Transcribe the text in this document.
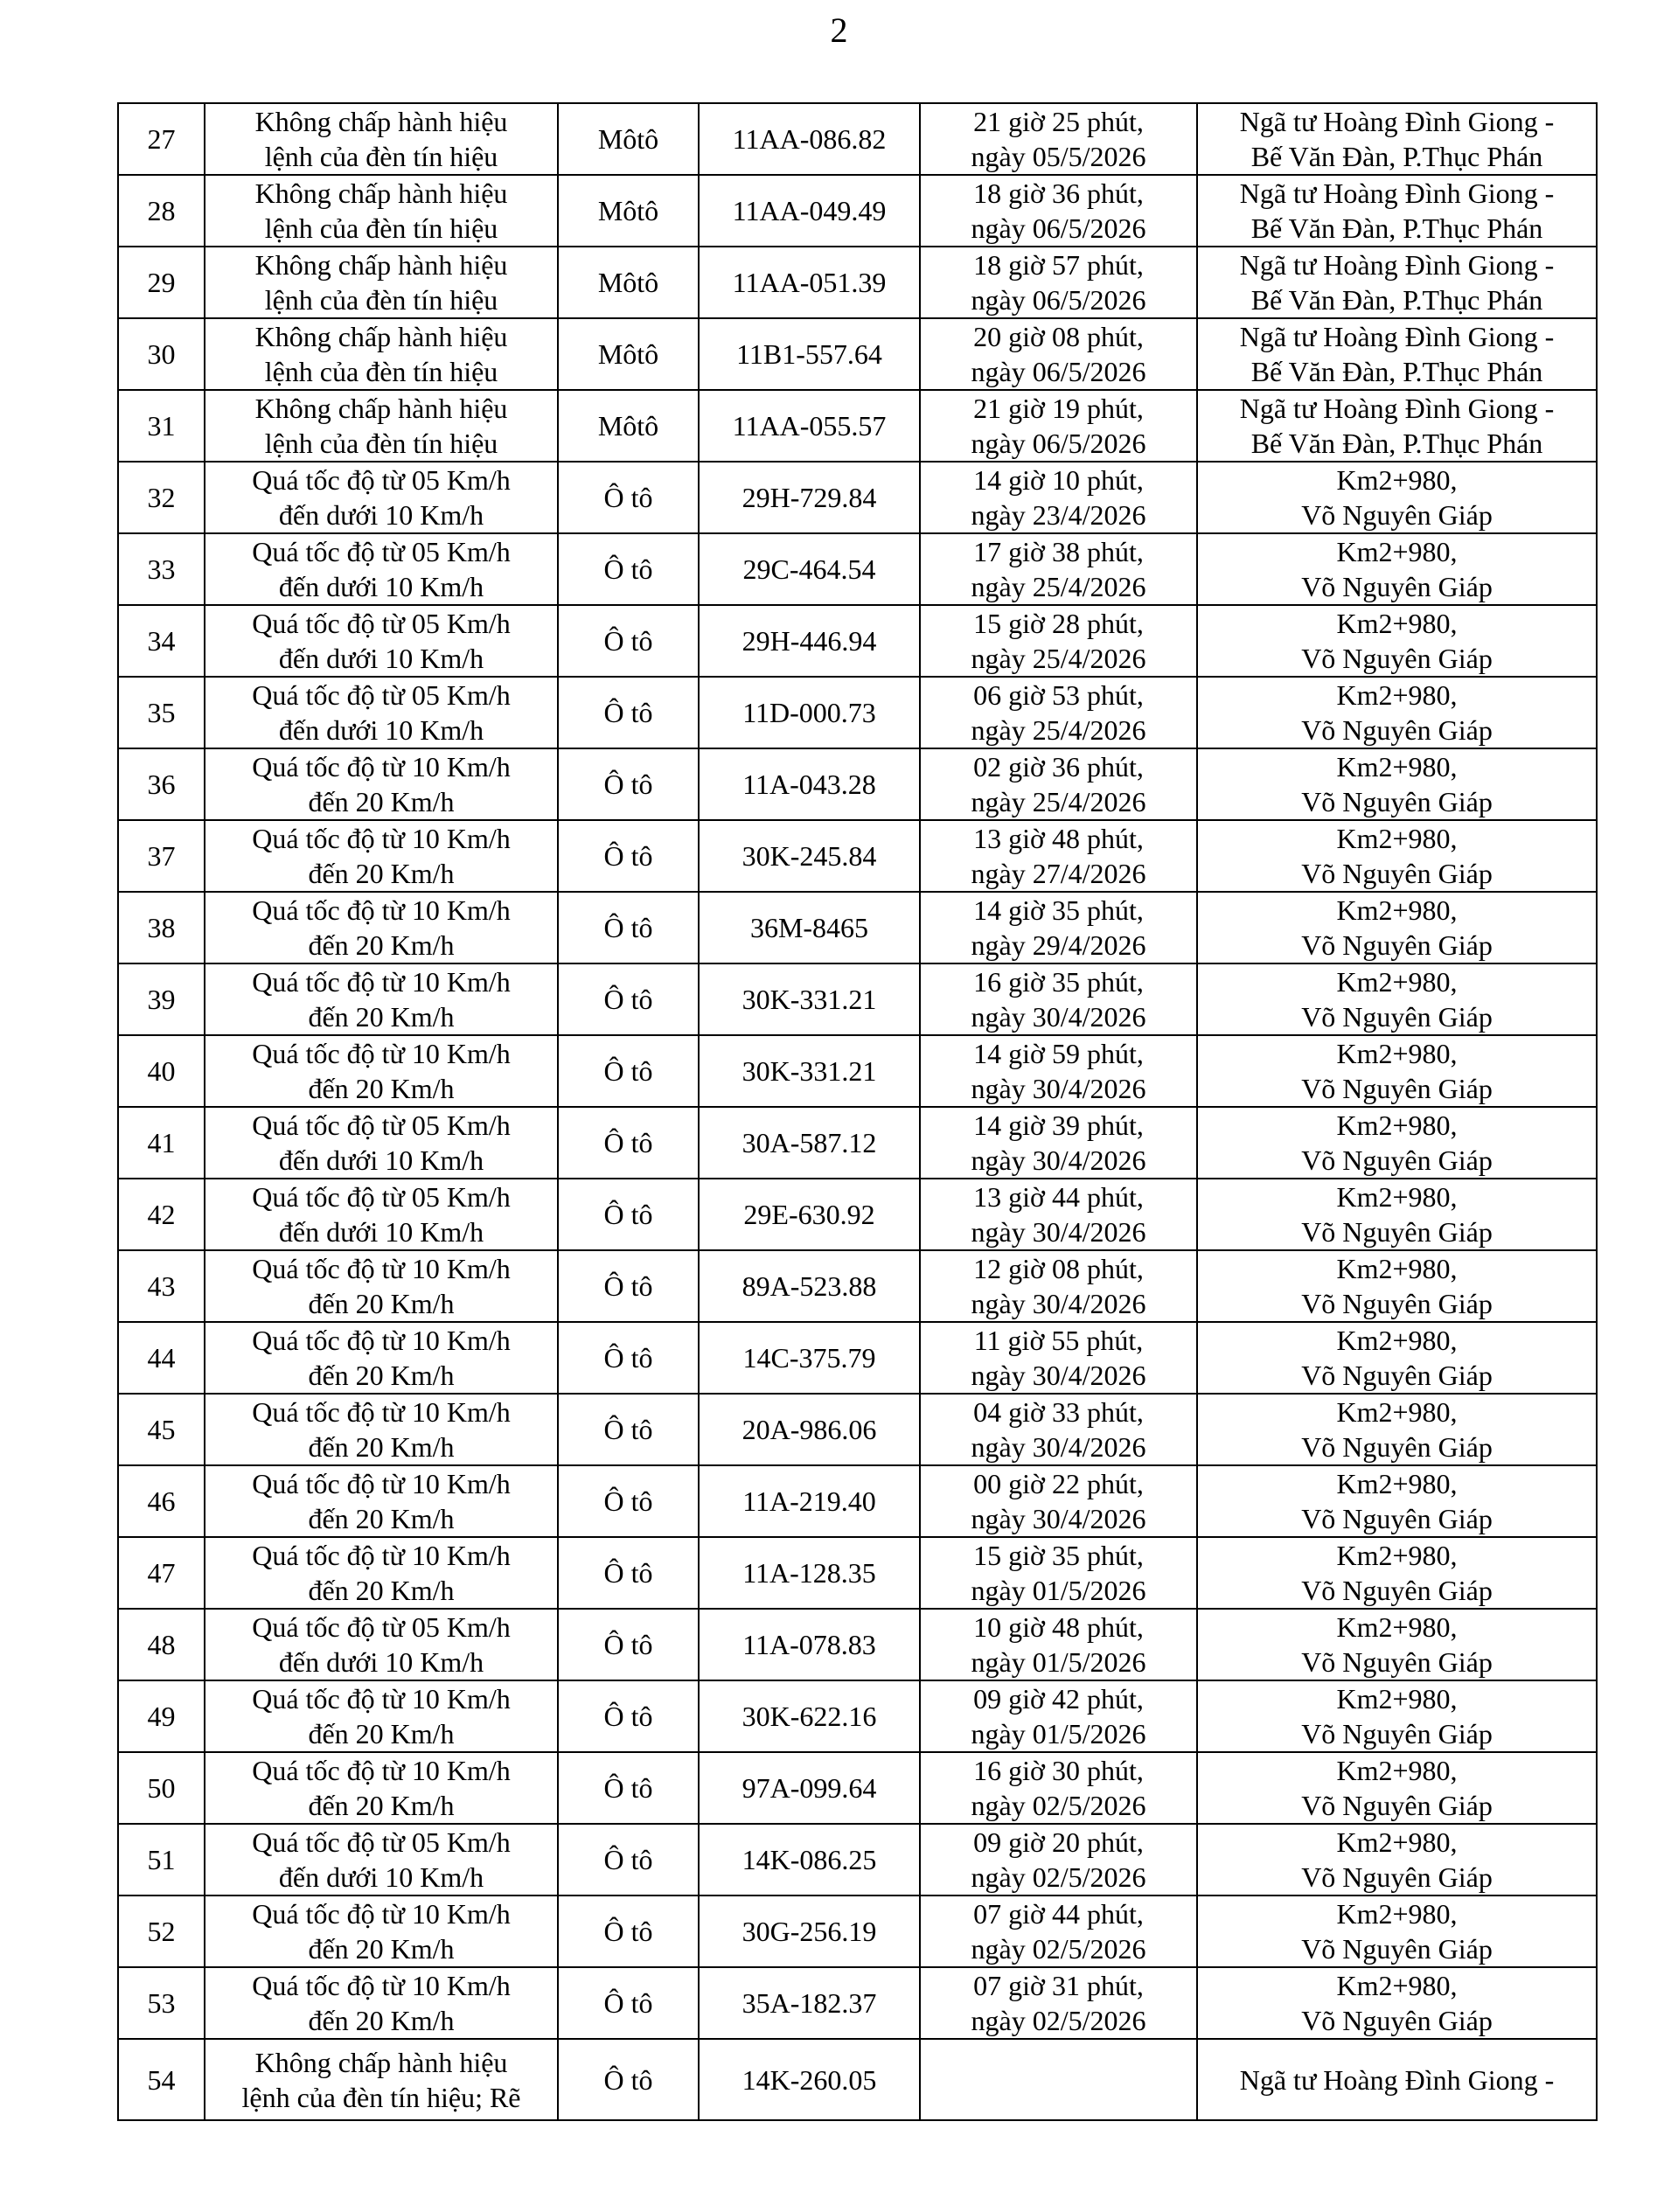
2
27	Không chấp hành hiệu
lệnh của đèn tín hiệu	Môtô	11AA-086.82	21 giờ 25 phút,
ngày 05/5/2026	Ngã tư Hoàng Đình Giong -
Bế Văn Đàn, P.Thục Phán

28	Không chấp hành hiệu
lệnh của đèn tín hiệu	Môtô	11AA-049.49	18 giờ 36 phút,
ngày 06/5/2026	Ngã tư Hoàng Đình Giong -
Bế Văn Đàn, P.Thục Phán

29	Không chấp hành hiệu
lệnh của đèn tín hiệu	Môtô	11AA-051.39	18 giờ 57 phút,
ngày 06/5/2026	Ngã tư Hoàng Đình Giong -
Bế Văn Đàn, P.Thục Phán

30	Không chấp hành hiệu
lệnh của đèn tín hiệu	Môtô	11B1-557.64	20 giờ 08 phút,
ngày 06/5/2026	Ngã tư Hoàng Đình Giong -
Bế Văn Đàn, P.Thục Phán

31	Không chấp hành hiệu
lệnh của đèn tín hiệu	Môtô	11AA-055.57	21 giờ 19 phút,
ngày 06/5/2026	Ngã tư Hoàng Đình Giong -
Bế Văn Đàn, P.Thục Phán

32	Quá tốc độ từ 05 Km/h
đến dưới 10 Km/h	Ô tô	29H-729.84	14 giờ 10 phút,
ngày 23/4/2026	Km2+980,
Võ Nguyên Giáp

33	Quá tốc độ từ 05 Km/h
đến dưới 10 Km/h	Ô tô	29C-464.54	17 giờ 38 phút,
ngày 25/4/2026	Km2+980,
Võ Nguyên Giáp

34	Quá tốc độ từ 05 Km/h
đến dưới 10 Km/h	Ô tô	29H-446.94	15 giờ 28 phút,
ngày 25/4/2026	Km2+980,
Võ Nguyên Giáp

35	Quá tốc độ từ 05 Km/h
đến dưới 10 Km/h	Ô tô	11D-000.73	06 giờ 53 phút,
ngày 25/4/2026	Km2+980,
Võ Nguyên Giáp

36	Quá tốc độ từ 10 Km/h
đến 20 Km/h	Ô tô	11A-043.28	02 giờ 36 phút,
ngày 25/4/2026	Km2+980,
Võ Nguyên Giáp

37	Quá tốc độ từ 10 Km/h
đến 20 Km/h	Ô tô	30K-245.84	13 giờ 48 phút,
ngày 27/4/2026	Km2+980,
Võ Nguyên Giáp

38	Quá tốc độ từ 10 Km/h
đến 20 Km/h	Ô tô	36M-8465	14 giờ 35 phút,
ngày 29/4/2026	Km2+980,
Võ Nguyên Giáp

39	Quá tốc độ từ 10 Km/h
đến 20 Km/h	Ô tô	30K-331.21	16 giờ 35 phút,
ngày 30/4/2026	Km2+980,
Võ Nguyên Giáp

40	Quá tốc độ từ 10 Km/h
đến 20 Km/h	Ô tô	30K-331.21	14 giờ 59 phút,
ngày 30/4/2026	Km2+980,
Võ Nguyên Giáp

41	Quá tốc độ từ 05 Km/h
đến dưới 10 Km/h	Ô tô	30A-587.12	14 giờ 39 phút,
ngày 30/4/2026	Km2+980,
Võ Nguyên Giáp

42	Quá tốc độ từ 05 Km/h
đến dưới 10 Km/h	Ô tô	29E-630.92	13 giờ 44 phút,
ngày 30/4/2026	Km2+980,
Võ Nguyên Giáp

43	Quá tốc độ từ 10 Km/h
đến 20 Km/h	Ô tô	89A-523.88	12 giờ 08 phút,
ngày 30/4/2026	Km2+980,
Võ Nguyên Giáp

44	Quá tốc độ từ 10 Km/h
đến 20 Km/h	Ô tô	14C-375.79	11 giờ 55 phút,
ngày 30/4/2026	Km2+980,
Võ Nguyên Giáp

45	Quá tốc độ từ 10 Km/h
đến 20 Km/h	Ô tô	20A-986.06	04 giờ 33 phút,
ngày 30/4/2026	Km2+980,
Võ Nguyên Giáp

46	Quá tốc độ từ 10 Km/h
đến 20 Km/h	Ô tô	11A-219.40	00 giờ 22 phút,
ngày 30/4/2026	Km2+980,
Võ Nguyên Giáp

47	Quá tốc độ từ 10 Km/h
đến 20 Km/h	Ô tô	11A-128.35	15 giờ 35 phút,
ngày 01/5/2026	Km2+980,
Võ Nguyên Giáp

48	Quá tốc độ từ 05 Km/h
đến dưới 10 Km/h	Ô tô	11A-078.83	10 giờ 48 phút,
ngày 01/5/2026	Km2+980,
Võ Nguyên Giáp

49	Quá tốc độ từ 10 Km/h
đến 20 Km/h	Ô tô	30K-622.16	09 giờ 42 phút,
ngày 01/5/2026	Km2+980,
Võ Nguyên Giáp

50	Quá tốc độ từ 10 Km/h
đến 20 Km/h	Ô tô	97A-099.64	16 giờ 30 phút,
ngày 02/5/2026	Km2+980,
Võ Nguyên Giáp

51	Quá tốc độ từ 05 Km/h
đến dưới 10 Km/h	Ô tô	14K-086.25	09 giờ 20 phút,
ngày 02/5/2026	Km2+980,
Võ Nguyên Giáp

52	Quá tốc độ từ 10 Km/h
đến 20 Km/h	Ô tô	30G-256.19	07 giờ 44 phút,
ngày 02/5/2026	Km2+980,
Võ Nguyên Giáp

53	Quá tốc độ từ 10 Km/h
đến 20 Km/h	Ô tô	35A-182.37	07 giờ 31 phút,
ngày 02/5/2026	Km2+980,
Võ Nguyên Giáp

54	Không chấp hành hiệu
lệnh của đèn tín hiệu; Rẽ	Ô tô	14K-260.05		Ngã tư Hoàng Đình Giong -
